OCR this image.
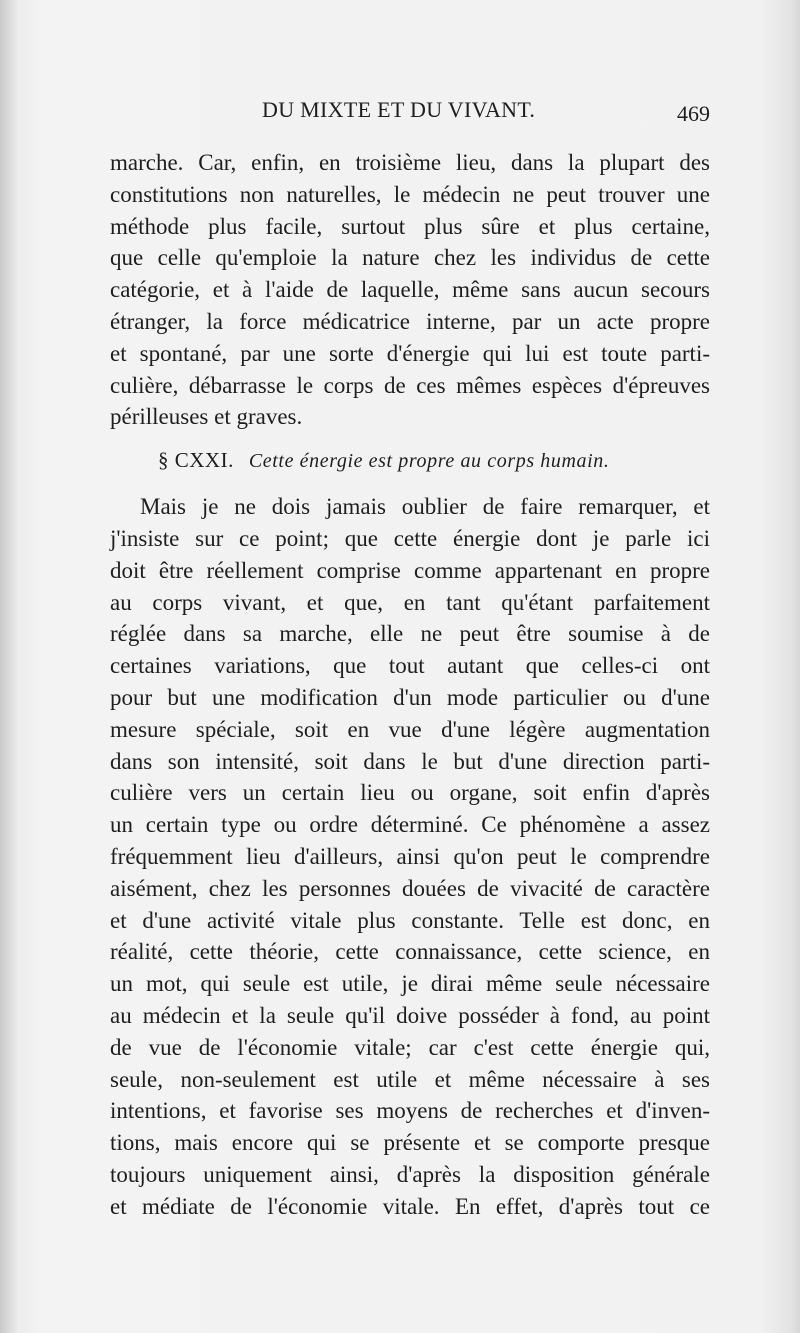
DU MIXTE ET DU VIVANT.	469
marche. Car, enfin, en troisième lieu, dans la plupart des
constitutions non naturelles, le médecin ne peut trouver une
méthode plus facile, surtout plus sûre et plus certaine,
que celle qu'emploie la nature chez les individus de cette
catégorie, et à l'aide de laquelle, même sans aucun secours
étranger, la force médicatrice interne, par un acte propre
et spontané, par une sorte d'énergie qui lui est toute parti-
culière, débarrasse le corps de ces mêmes espèces d'épreuves
périlleuses et graves.
§ CXXI. Cette énergie est propre au corps humain.
Mais je ne dois jamais oublier de faire remarquer, et
j'insiste sur ce point; que cette énergie dont je parle ici
doit être réellement comprise comme appartenant en propre
au corps vivant, et que, en tant qu'étant parfaitement
réglée dans sa marche, elle ne peut être soumise à de
certaines variations, que tout autant que celles-ci ont
pour but une modification d'un mode particulier ou d'une
mesure spéciale, soit en vue d'une légère augmentation
dans son intensité, soit dans le but d'une direction parti-
culière vers un certain lieu ou organe, soit enfin d'après
un certain type ou ordre déterminé. Ce phénomène a assez
fréquemment lieu d'ailleurs, ainsi qu'on peut le comprendre
aisément, chez les personnes douées de vivacité de caractère
et d'une activité vitale plus constante. Telle est donc, en
réalité, cette théorie, cette connaissance, cette science, en
un mot, qui seule est utile, je dirai même seule nécessaire
au médecin et la seule qu'il doive posséder à fond, au point
de vue de l'économie vitale; car c'est cette énergie qui,
seule, non-seulement est utile et même nécessaire à ses
intentions, et favorise ses moyens de recherches et d'inven-
tions, mais encore qui se présente et se comporte presque
toujours uniquement ainsi, d'après la disposition générale
et médiate de l'économie vitale. En effet, d'après tout ce
